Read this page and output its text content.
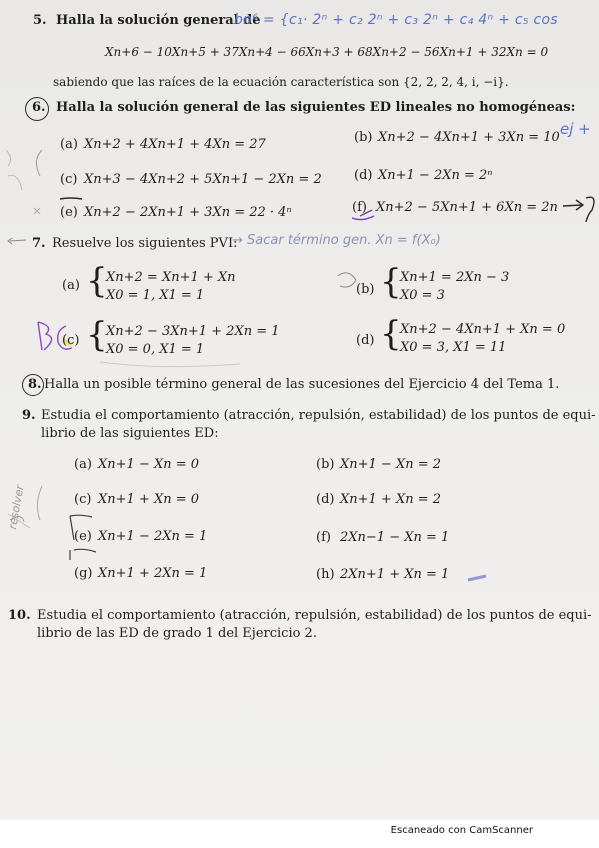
5. Halla la solución general de
bn⁶ = {c₁· 2ⁿ + c₂ 2ⁿ + c₃ 2ⁿ + c₄ 4ⁿ + c₅ cos
Xn+6 − 10Xn+5 + 37Xn+4 − 66Xn+3 + 68Xn+2 − 56Xn+1 + 32Xn = 0
sabiendo que las raíces de la ecuación característica son {2, 2, 2, 4, i, −i}.
6. Halla la solución general de las siguientes ED lineales no homogéneas:
(a) Xn+2 + 4Xn+1 + 4Xn = 27	(b) Xn+2 − 4Xn+1 + 3Xn = 10 ej +
(c) Xn+3 − 4Xn+2 + 5Xn+1 − 2Xn = 2 (d) Xn+1 − 2Xn = 2ⁿ
(e) Xn+2 − 2Xn+1 + 3Xn = 22 · 4ⁿ	(f) Xn+2 − 5Xn+1 + 6Xn = 2n
7. Resuelve los siguientes PVI:
→ Sacar término gen. Xn = f(X₀)
(a) {
Xn+2 = Xn+1 + Xn
X0 = 1, X1 = 1	(b) {
Xn+1 = 2Xn − 3
X0 = 3
(c) {
Xn+2 − 3Xn+1 + 2Xn = 1
X0 = 0, X1 = 1
(d) {
Xn+2 − 4Xn+1 + Xn = 0
X0 = 3, X1 = 11
8. Halla un posible término general de las sucesiones del Ejercicio 4 del Tema 1.
9. Estudia el comportamiento (atracción, repulsión, estabilidad) de los puntos de equi-
librio de las siguientes ED:
resolver
(a) Xn+1 − Xn = 0	(b) Xn+1 − Xn = 2
(c) Xn+1 + Xn = 0	(d) Xn+1 + Xn = 2
(e) Xn+1 − 2Xn = 1	(f) 2Xn−1 − Xn = 1
(g) Xn+1 + 2Xn = 1	(h) 2Xn+1 + Xn = 1
10. Estudia el comportamiento (atracción, repulsión, estabilidad) de los puntos de equi-
librio de las ED de grado 1 del Ejercicio 2.
Escaneado con CamScanner
